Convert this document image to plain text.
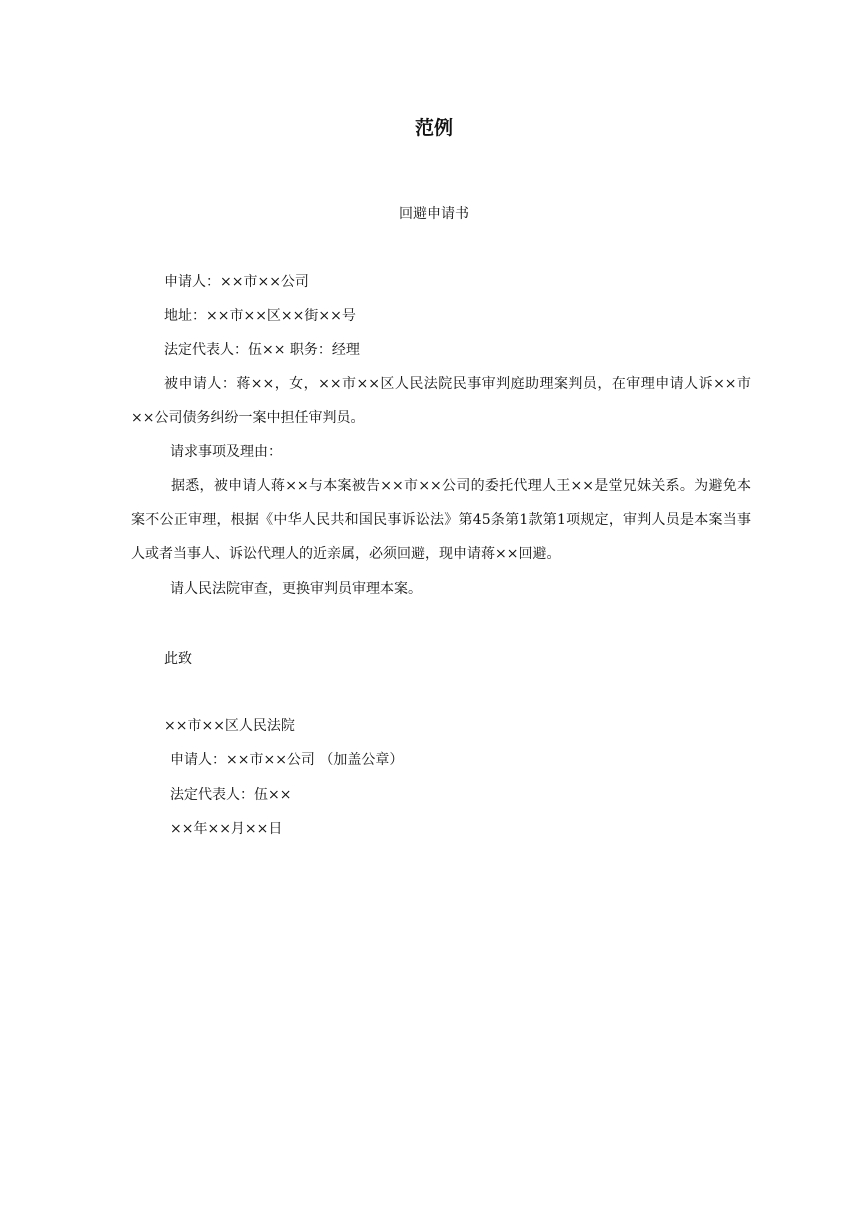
范例
回避申请书
申请人：××市××公司
地址：××市××区××街××号
法定代表人：伍×× 职务：经理
被申请人：蒋××，女，××市××区人民法院民事审判庭助理案判员，在审理申请人诉××市××公司债务纠纷一案中担任审判员。
请求事项及理由：
据悉，被申请人蒋××与本案被告××市××公司的委托代理人王××是堂兄妹关系。为避免本案不公正审理，根据《中华人民共和国民事诉讼法》第45条第1款第1项规定，审判人员是本案当事人或者当事人、诉讼代理人的近亲属，必须回避，现申请蒋××回避。
请人民法院审查，更换审判员审理本案。
此致
××市××区人民法院
申请人：××市××公司 （加盖公章）
法定代表人：伍××
××年××月××日
